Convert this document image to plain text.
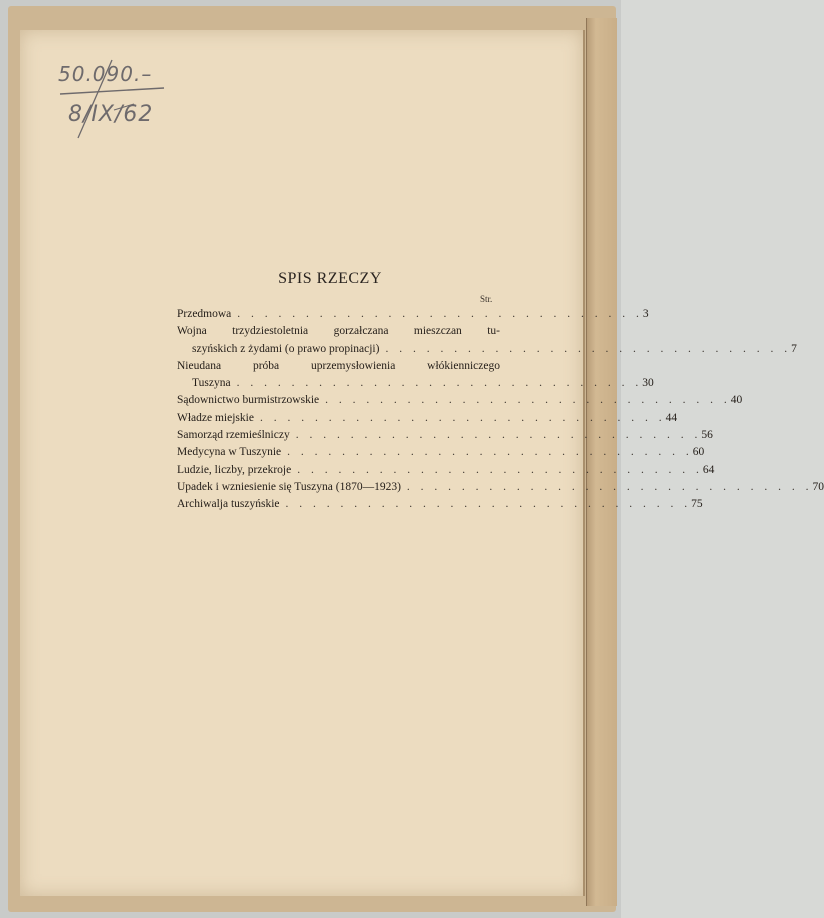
50.090.–
8/IX/62
SPIS RZECZY
Str.
Przedmowa . . . . . . . . . . . . . . . . . . . . . . . . . . . . . . 3
Wojna trzydziestoletnia gorzałczana mieszczan tu-
szyńskich z żydami (o prawo propinacji) . . . . . . . . . . . . . . . . . . . . . . . . . . . . . . 7
Nieudana próba uprzemysłowienia włókienniczego
Tuszyna . . . . . . . . . . . . . . . . . . . . . . . . . . . . . . 30
Sądownictwo burmistrzowskie . . . . . . . . . . . . . . . . . . . . . . . . . . . . . . 40
Władze miejskie . . . . . . . . . . . . . . . . . . . . . . . . . . . . . . 44
Samorząd rzemieślniczy . . . . . . . . . . . . . . . . . . . . . . . . . . . . . . 56
Medycyna w Tuszynie . . . . . . . . . . . . . . . . . . . . . . . . . . . . . . 60
Ludzie, liczby, przekroje . . . . . . . . . . . . . . . . . . . . . . . . . . . . . . 64
Upadek i wzniesienie się Tuszyna (1870—1923) . . . . . . . . . . . . . . . . . . . . . . . . . . . . . . 70
Archiwalja tuszyńskie . . . . . . . . . . . . . . . . . . . . . . . . . . . . . . 75
